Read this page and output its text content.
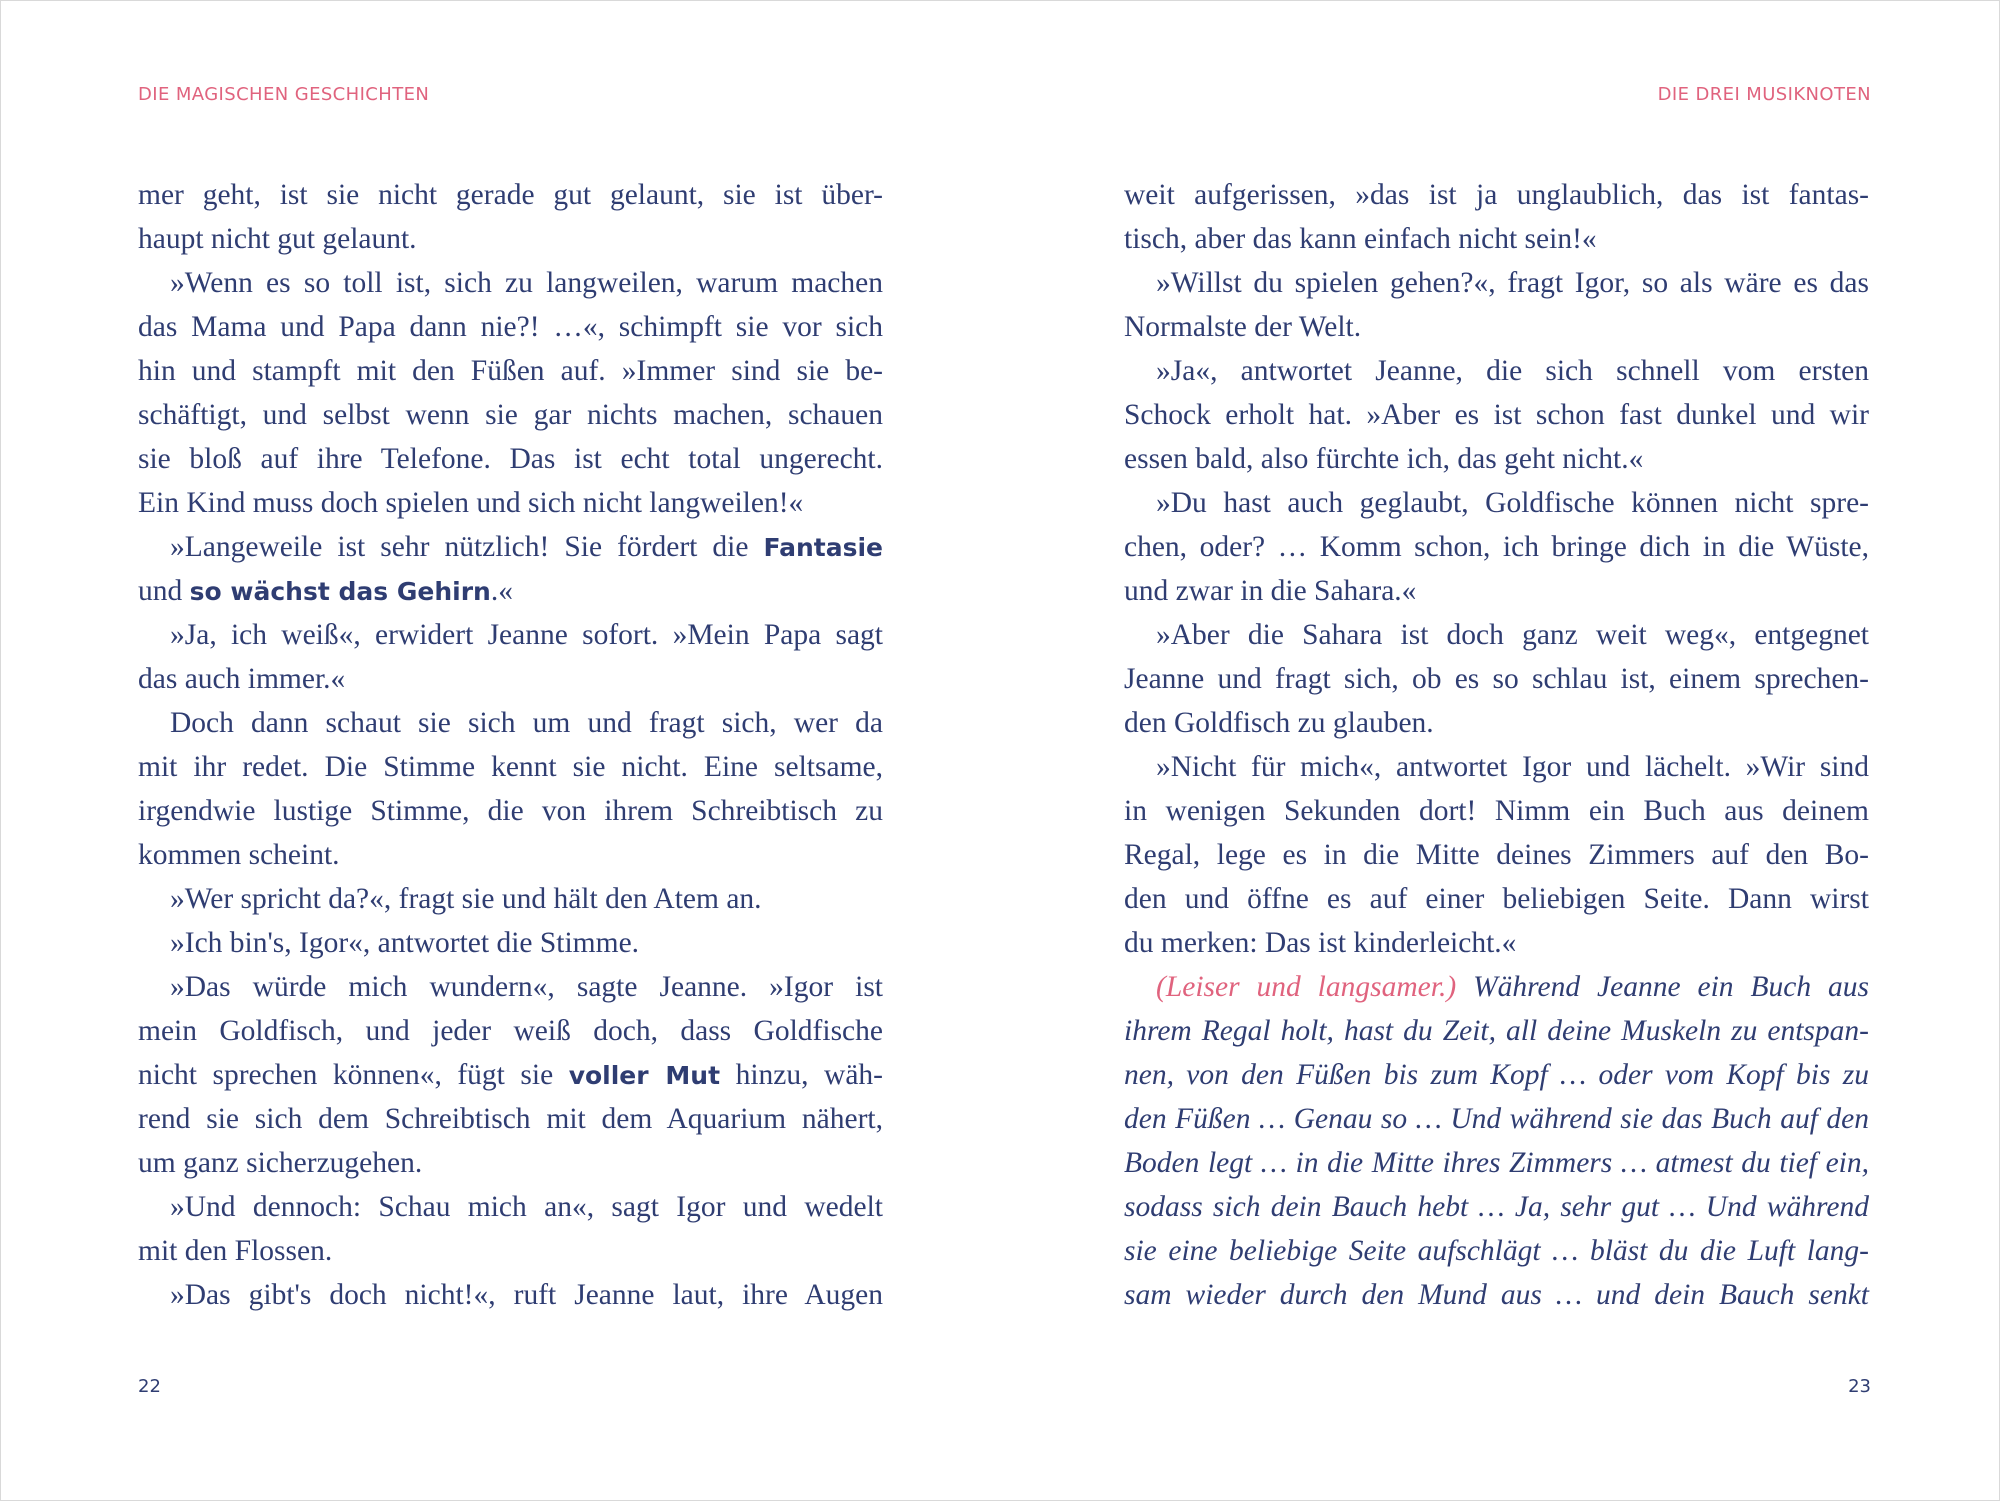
DIE MAGISCHEN GESCHICHTEN
mer geht, ist sie nicht gerade gut gelaunt, sie ist über-
haupt nicht gut gelaunt.
»Wenn es so toll ist, sich zu langweilen, warum machen
das Mama und Papa dann nie?! …«, schimpft sie vor sich
hin und stampft mit den Füßen auf. »Immer sind sie be-
schäftigt, und selbst wenn sie gar nichts machen, schauen
sie bloß auf ihre Telefone. Das ist echt total ungerecht.
Ein Kind muss doch spielen und sich nicht langweilen!«
»Langeweile ist sehr nützlich! Sie fördert die Fantasie
und so wächst das Gehirn.«
»Ja, ich weiß«, erwidert Jeanne sofort. »Mein Papa sagt
das auch immer.«
Doch dann schaut sie sich um und fragt sich, wer da
mit ihr redet. Die Stimme kennt sie nicht. Eine seltsame,
irgendwie lustige Stimme, die von ihrem Schreibtisch zu
kommen scheint.
»Wer spricht da?«, fragt sie und hält den Atem an.
»Ich bin's, Igor«, antwortet die Stimme.
»Das würde mich wundern«, sagte Jeanne. »Igor ist
mein Goldfisch, und jeder weiß doch, dass Goldfische
nicht sprechen können«, fügt sie voller Mut hinzu, wäh-
rend sie sich dem Schreibtisch mit dem Aquarium nähert,
um ganz sicherzugehen.
»Und dennoch: Schau mich an«, sagt Igor und wedelt
mit den Flossen.
»Das gibt's doch nicht!«, ruft Jeanne laut, ihre Augen
22
DIE DREI MUSIKNOTEN
weit aufgerissen, »das ist ja unglaublich, das ist fantas-
tisch, aber das kann einfach nicht sein!«
»Willst du spielen gehen?«, fragt Igor, so als wäre es das
Normalste der Welt.
»Ja«, antwortet Jeanne, die sich schnell vom ersten
Schock erholt hat. »Aber es ist schon fast dunkel und wir
essen bald, also fürchte ich, das geht nicht.«
»Du hast auch geglaubt, Goldfische können nicht spre-
chen, oder? … Komm schon, ich bringe dich in die Wüste,
und zwar in die Sahara.«
»Aber die Sahara ist doch ganz weit weg«, entgegnet
Jeanne und fragt sich, ob es so schlau ist, einem sprechen-
den Goldfisch zu glauben.
»Nicht für mich«, antwortet Igor und lächelt. »Wir sind
in wenigen Sekunden dort! Nimm ein Buch aus deinem
Regal, lege es in die Mitte deines Zimmers auf den Bo-
den und öffne es auf einer beliebigen Seite. Dann wirst
du merken: Das ist kinderleicht.«
(Leiser und langsamer.) Während Jeanne ein Buch aus
ihrem Regal holt, hast du Zeit, all deine Muskeln zu entspan-
nen, von den Füßen bis zum Kopf … oder vom Kopf bis zu
den Füßen … Genau so … Und während sie das Buch auf den
Boden legt … in die Mitte ihres Zimmers … atmest du tief ein,
sodass sich dein Bauch hebt … Ja, sehr gut … Und während
sie eine beliebige Seite aufschlägt … bläst du die Luft lang-
sam wieder durch den Mund aus … und dein Bauch senkt
23
